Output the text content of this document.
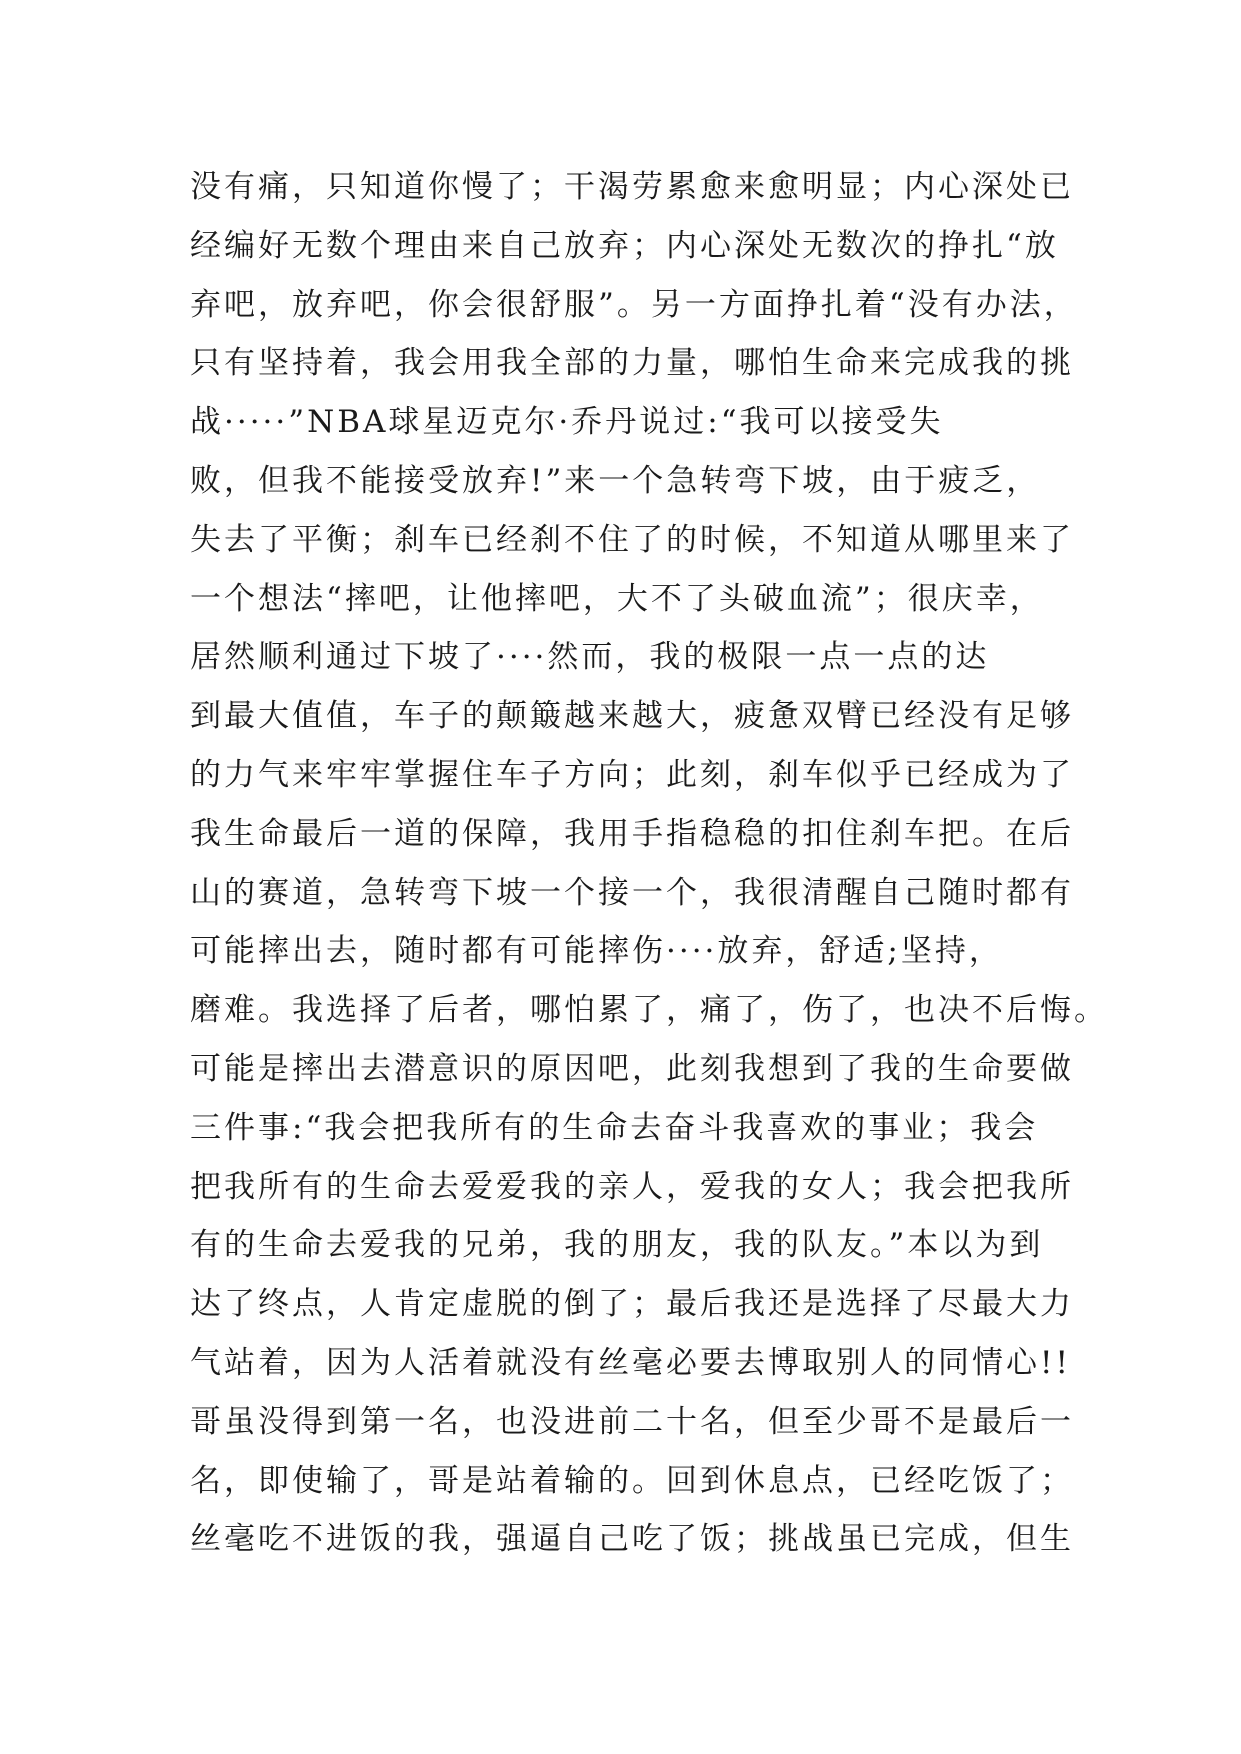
没有痛，只知道你慢了；干渴劳累愈来愈明显；内心深处已
经编好无数个理由来自己放弃；内心深处无数次的挣扎“放
弃吧，放弃吧，你会很舒服”。另一方面挣扎着“没有办法，
只有坚持着，我会用我全部的力量，哪怕生命来完成我的挑
战·····”NBA球星迈克尔·乔丹说过:“我可以接受失
败，但我不能接受放弃!”来一个急转弯下坡，由于疲乏，
失去了平衡；刹车已经刹不住了的时候，不知道从哪里来了
一个想法“摔吧，让他摔吧，大不了头破血流”；很庆幸，
居然顺利通过下坡了····然而，我的极限一点一点的达
到最大值值，车子的颠簸越来越大，疲惫双臂已经没有足够
的力气来牢牢掌握住车子方向；此刻，刹车似乎已经成为了
我生命最后一道的保障，我用手指稳稳的扣住刹车把。在后
山的赛道，急转弯下坡一个接一个，我很清醒自己随时都有
可能摔出去，随时都有可能摔伤····放弃，舒适;坚持，
磨难。我选择了后者，哪怕累了，痛了，伤了，也决不后悔。
可能是摔出去潜意识的原因吧，此刻我想到了我的生命要做
三件事:“我会把我所有的生命去奋斗我喜欢的事业；我会
把我所有的生命去爱爱我的亲人，爱我的女人；我会把我所
有的生命去爱我的兄弟，我的朋友，我的队友。”本以为到
达了终点，人肯定虚脱的倒了；最后我还是选择了尽最大力
气站着，因为人活着就没有丝毫必要去博取别人的同情心!!
哥虽没得到第一名，也没进前二十名，但至少哥不是最后一
名，即使输了，哥是站着输的。回到休息点，已经吃饭了；
丝毫吃不进饭的我，强逼自己吃了饭；挑战虽已完成，但生
